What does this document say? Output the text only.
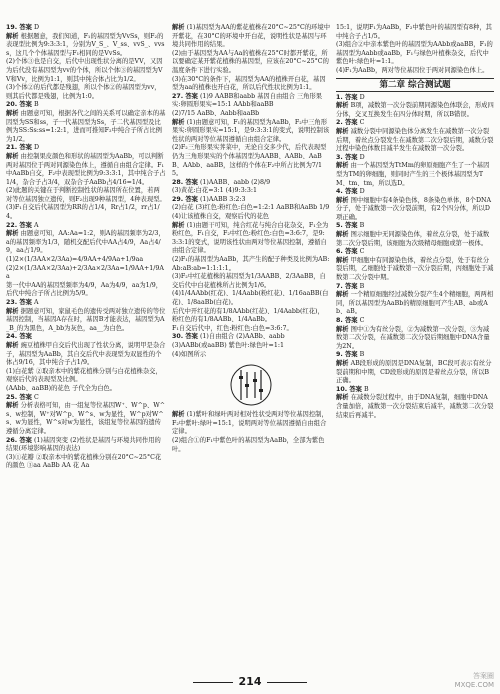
19. 答案 D

解析 根据题意，我们知道，F₁的基因型为VvSs，则F₂的表现型比例为9:3:3:1，分别为V_S_、V_ss、vvS_、vvss，这几个个体基因型与F₁相同的是VvSs。

(2)个体③也是自交，后代中出现性状分离的是VV，又因为后代没有基因型为vv的个体，所以个体③的基因型为VV和Vv，比例为1:1，则其中纯合体占比为1/2。

(3)个体②的后代都是残翅，所以个体②的基因型为vv，则其后代都是残翅，比例为1:0。

20. 答案 B

解析 由题意可知，根据各代之间的关系可以确定亲本的基因型为SS和ss，子一代基因型为Ss，子二代基因型及比例为SS:Ss:ss=1:2:1，进而可推知F₂中纯合子所占比例为1/2。

21. 答案 D

解析 由控制果皮颜色和形状的基因型为AaBb，可以判断两对基因位于两对同源染色体上，遵循自由组合定律。F₁中AaBb自交，F₂中表现型比例为9:3:3:1，其中纯合子占1/4，杂合子占3/4，双杂合子AaBb占4/16=1/4。

(2)此题的关键在于判断控制性状的基因所在位置，若两对等位基因独立遗传，则F₂出现9种基因型，4种表现型。

(3)F₁自交后代基因型为RR的占1/4，Rr占1/2，rr占1/4。

22. 答案 A

解析 由题意可知，AA:Aa=1:2，则A的基因频率为2/3，a的基因频率为1/3，随机交配后代中AA占4/9，Aa占4/9，aa占1/9。

(1)2×(1/3AA×2/3Aa)=4/9AA+4/9Aa+1/9aa

(2)2×(1/3AA×2/3Aa)+2/3Aa×2/3Aa=1/9AA+1/9Aa

第一代中AA的基因型频率为4/9，Aa为4/9，aa为1/9，后代中纯合子所占比例为5/9。

23. 答案 A

解析 据题意可知，家鼠毛色的遗传受两对独立遗传的等位基因控制，当基因A存在时，基因B才能表达，基因型为A_B_的为黑色，A_bb为灰色，aa__为白色。

24. 答案

解析 豌豆植株甲自交后代出现了性状分离，说明甲是杂合子，基因型为AaBb，其自交后代中表现型为双显性的个体占9/16，其中纯合子占1/9。

(1)白花紫 ②取亲本中的紫花植株分别与白花植株杂交，观察后代的表现型及比例。

(AAbb、aaBB)的花色 子代全为白色。

25. 答案 C

解析 分析表格可知，由一组复等位基因W⁺、W^p、W^s、w控制，W⁺对W^p、W^s、w为显性，W^p对W^s、w为显性，W^s对w为显性，该组复等位基因的遗传遵循分离定律。

26. 答案 (1)基因突变 (2)性状是基因与环境共同作用的结果(环境影响基因的表达)

(3)①花瓣 ②取亲本中的紫花植株分别在20°C~25°C花的颜色 ③aa AaBb AA 花 Aa

解析 (1)基因型为AA的紫花植株在20°C~25°C的环境中开紫花，在30°C的环境中开白花，说明性状是基因与环境共同作用的结果。

(2)由于基因型为AA与Aa的植株在25°C时都开紫花，所以要确定某开紫花植株的基因型，应该在20°C~25°C的温度条件下进行实验。

(3)在30°C的条件下，基因型为AA的植株开白花，基因型为aa的植株也开白花，所以后代性状比例为1:1。

27. 答案 (1)9 AABB和aabb 基因自由组合 三角形果实:卵圆形果实=15:1 AAbb和aaBB

(2)7/15 AaBb、Aabb和aaBb

解析 (1)由题意可知，F₁的基因型为AaBb，F₂中三角形果实:卵圆形果实=15:1，是9:3:3:1的变式，说明控制该性状的两对等位基因遵循自由组合定律。

(2)F₂三角形果实荠菜中，无论自交多少代，后代表现型仍为三角形果实的个体基因型为AABB、AABb、AaBB、AAbb、aaBB，这样的个体在F₂中所占比例为7/15。

28. 答案 (1)AABB、aabb (2)8/9

(3)黄花:白花=3:1 (4)9:3:3:1

29. 答案 (1)AABB 3:2:3

(2)白花 (3)红色:粉红色:白色=1:2:1 AaBB和AaBb 1/9

(4)让该植株自交，观察后代的花色

解析 (1)由题干可知，纯合红花与纯合白花杂交，F₁全为粉红色，F₁自交，F₂中红色:粉红色:白色=3:6:7，是9:3:3:1的变式，说明该性状由两对等位基因控制，遵循自由组合定律。

(2)F₁的基因型为AaBb，其产生的配子种类及比例为AB:Ab:aB:ab=1:1:1:1。

(3)F₂中红花植株的基因型为1/3AABB、2/3AaBB，自交后代中白花植株所占比例为1/6。

(4)1/4AAbb(红花)、1/4Aabb(粉红花)、1/16aaBB(白花)、1/8aaBb(白花)。

后代中开红花的有1/8AAbb(红花)、1/4Aabb(红花)，粉红色的有1/8AABb、1/4AaBb。

F₁自交后代中，红色:粉红色:白色=3:6:7。

30. 答案 (1)自由组合 (2)AABb、aabb

(3)AABb(或aaBB) 紫色叶:绿色叶=1:1

(4)如图所示

解析 (1)紫叶和绿叶两对相对性状受两对等位基因控制，F₂中紫叶:绿叶=15:1，说明两对等位基因遵循自由组合定律。

(2)组合①的F₁中紫色叶的基因型为AaBb，全部为紫色叶。

15:1，说明F₁为AaBb，F₂中紫色叶的基因型有8种，其中纯合子占1/5。

(3)组合②中亲本紫色叶的基因型为AAbb或aaBB，F₁的基因型为Aabb或aaBb，F₁与绿色叶植株杂交，后代中紫色叶:绿色叶=1:1。

(4)F₁为AaBb，两对等位基因位于两对同源染色体上。

第二章 综合测试题

1. 答案 D

解析 B项，减数第一次分裂前期同源染色体联会，形成四分体，交叉互换发生在四分体时期，所以B错误。

2. 答案 C

解析 减数分裂中同源染色体分离发生在减数第一次分裂后期，着丝点分裂发生在减数第二次分裂后期，减数分裂过程中染色体数目减半发生在减数第一次分裂。

3. 答案 D

解析 由一个基因型为TtMm的卵原细胞产生了一个基因型为TM的卵细胞，则同时产生的三个极体基因型为TM、tm、tm，所以选D。

4. 答案 D

解析 图中细胞中有4条染色体，8条染色单体，8个DNA分子，处于减数第一次分裂前期，有2个四分体，所以D项正确。

5. 答案 B

解析 图示细胞中无同源染色体，着丝点分裂，处于减数第二次分裂后期，该细胞为次级精母细胞或第一极体。

6. 答案 C

解析 甲细胞中有同源染色体，着丝点分裂，处于有丝分裂后期，乙细胞处于减数第一次分裂后期，丙细胞处于减数第二次分裂中期。

7. 答案 B

解析 一个精原细胞经过减数分裂产生4个精细胞，两两相同，所以基因型为AaBb的精原细胞可产生AB、ab或Ab、aB。

8. 答案 C

解析 图中①为有丝分裂，②为减数第一次分裂，③为减数第二次分裂，在减数第二次分裂后期细胞中DNA含量为2N。

9. 答案 B

解析 AB段形成的原因是DNA复制，BC段可表示有丝分裂前期和中期，CD段形成的原因是着丝点分裂，所以B正确。

10. 答案 B

解析 在减数分裂过程中，由于DNA复制，细胞中DNA含量加倍，减数第一次分裂结束后减半，减数第二次分裂结束后再减半。

214	答案圈
MXQE.COM
